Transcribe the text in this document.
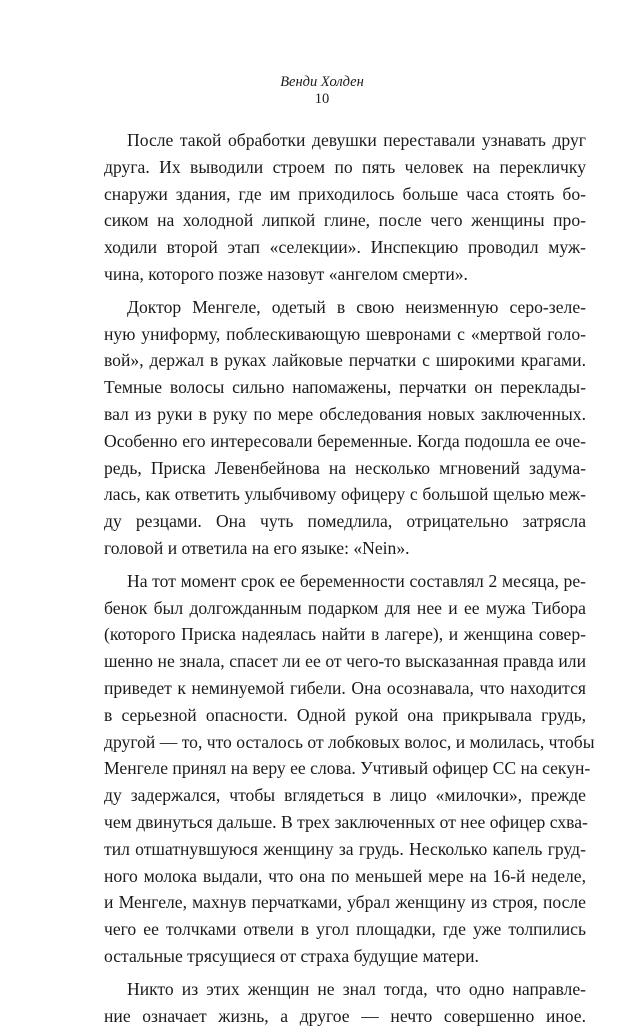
Венди Холден
10
После такой обработки девушки переставали узнавать друг
друга. Их выводили строем по пять человек на перекличку
снаружи здания, где им приходилось больше часа стоять бо-
сиком на холодной липкой глине, после чего женщины про-
ходили второй этап «селекции». Инспекцию проводил муж-
чина, которого позже назовут «ангелом смерти».
Доктор Менгеле, одетый в свою неизменную серо-зеле-
ную униформу, поблескивающую шевронами с «мертвой голо-
вой», держал в руках лайковые перчатки с широкими крагами.
Темные волосы сильно напомажены, перчатки он переклады-
вал из руки в руку по мере обследования новых заключенных.
Особенно его интересовали беременные. Когда подошла ее оче-
редь, Приска Левенбейнова на несколько мгновений задума-
лась, как ответить улыбчивому офицеру с большой щелью меж-
ду резцами. Она чуть помедлила, отрицательно затрясла
головой и ответила на его языке: «Nein».
На тот момент срок ее беременности составлял 2 месяца, ре-
бенок был долгожданным подарком для нее и ее мужа Тибора
(которого Приска надеялась найти в лагере), и женщина совер-
шенно не знала, спасет ли ее от чего-то высказанная правда или
приведет к неминуемой гибели. Она осознавала, что находится
в серьезной опасности. Одной рукой она прикрывала грудь,
другой — то, что осталось от лобковых волос, и молилась, чтобы
Менгеле принял на веру ее слова. Учтивый офицер СС на секун-
ду задержался, чтобы вглядеться в лицо «милочки», прежде
чем двинуться дальше. В трех заключенных от нее офицер схва-
тил отшатнувшуюся женщину за грудь. Несколько капель груд-
ного молока выдали, что она по меньшей мере на 16-й неделе,
и Менгеле, махнув перчатками, убрал женщину из строя, после
чего ее толчками отвели в угол площадки, где уже толпились
остальные трясущиеся от страха будущие матери.
Никто из этих женщин не знал тогда, что одно направле-
ние означает жизнь, а другое — нечто совершенно иное.
